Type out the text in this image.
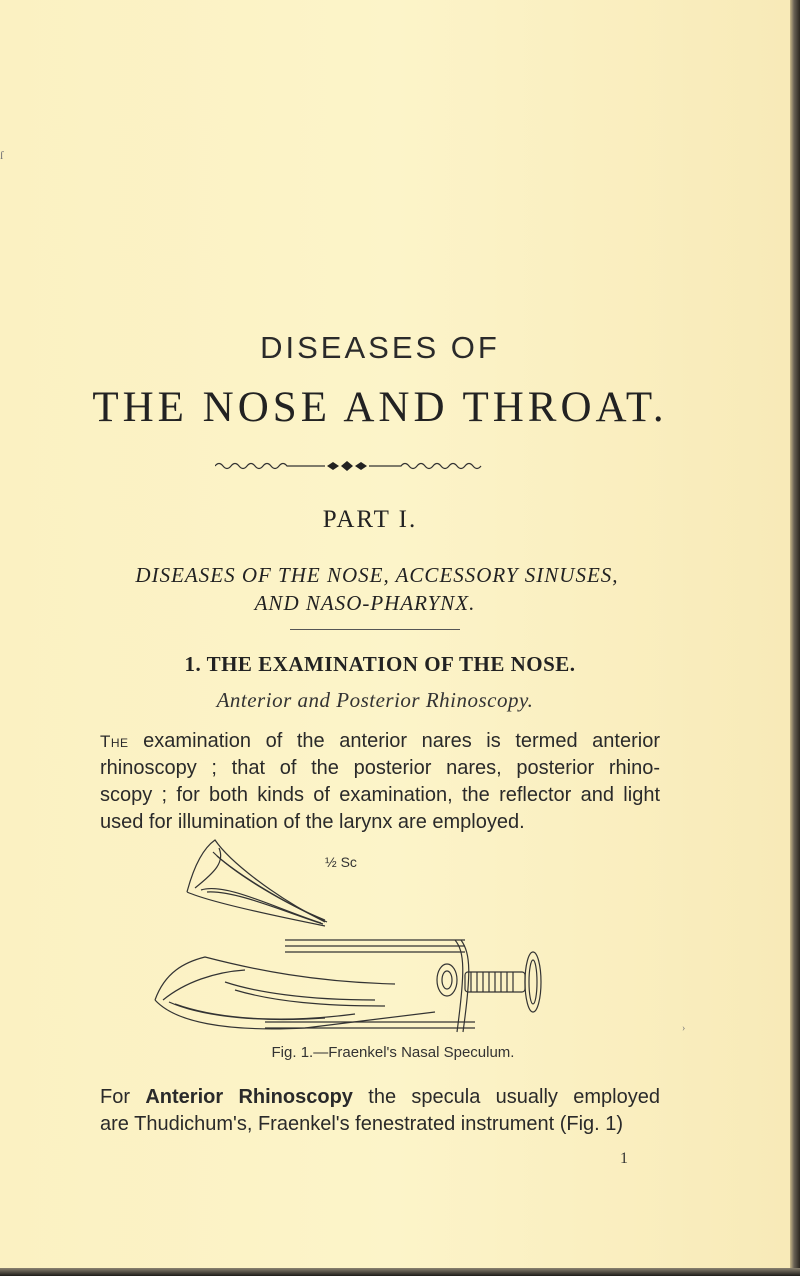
ſ
DISEASES OF
THE NOSE AND THROAT.
PART I.
DISEASES OF THE NOSE, ACCESSORY SINUSES,
AND NASO-PHARYNX.
1. THE EXAMINATION OF THE NOSE.
Anterior and Posterior Rhinoscopy.
The examination of the anterior nares is termed anterior
rhinoscopy ; that of the posterior nares, posterior rhino-
scopy ; for both kinds of examination, the reflector and light
used for illumination of the larynx are employed.
½ Sc
Fig. 1.—Fraenkel's Nasal Speculum.
For Anterior Rhinoscopy the specula usually employed
are Thudichum's, Fraenkel's fenestrated instrument (Fig. 1)
1
›
